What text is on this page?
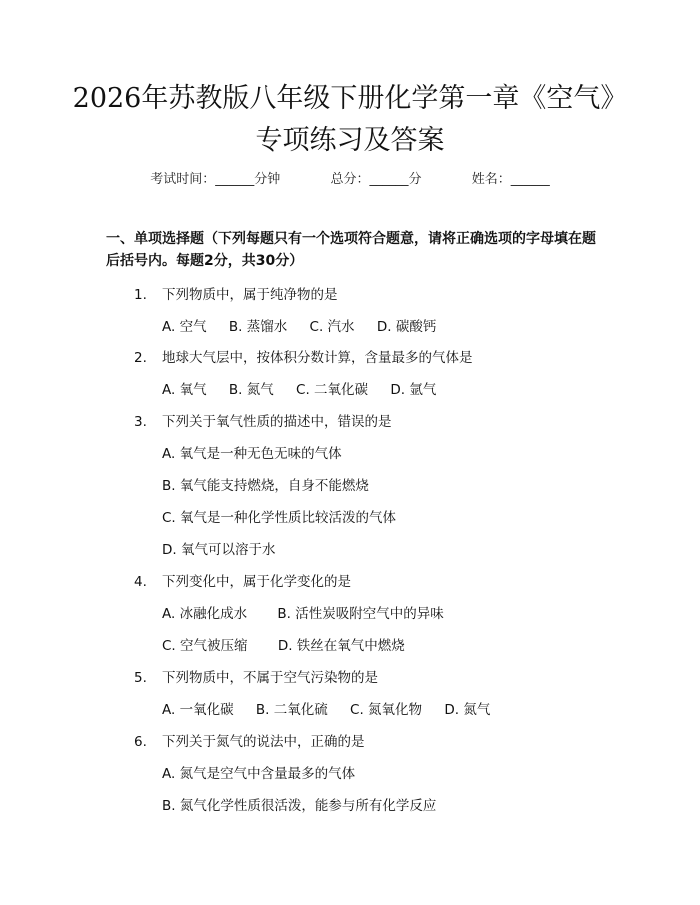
2026年苏教版八年级下册化学第一章《空气》专项练习及答案
考试时间：______分钟	总分：______分	姓名：______
一、单项选择题（下列每题只有一个选项符合题意，请将正确选项的字母填在题后括号内。每题2分，共30分）
1. 下列物质中，属于纯净物的是
A. 空气 B. 蒸馏水 C. 汽水 D. 碳酸钙
2. 地球大气层中，按体积分数计算，含量最多的气体是
A. 氧气 B. 氮气 C. 二氧化碳 D. 氩气
3. 下列关于氧气性质的描述中，错误的是
A. 氧气是一种无色无味的气体
B. 氧气能支持燃烧，自身不能燃烧
C. 氧气是一种化学性质比较活泼的气体
D. 氧气可以溶于水
4. 下列变化中，属于化学变化的是
A. 冰融化成水 B. 活性炭吸附空气中的异味
C. 空气被压缩 D. 铁丝在氧气中燃烧
5. 下列物质中，不属于空气污染物的是
A. 一氧化碳 B. 二氧化硫 C. 氮氧化物 D. 氮气
6. 下列关于氮气的说法中，正确的是
A. 氮气是空气中含量最多的气体
B. 氮气化学性质很活泼，能参与所有化学反应
